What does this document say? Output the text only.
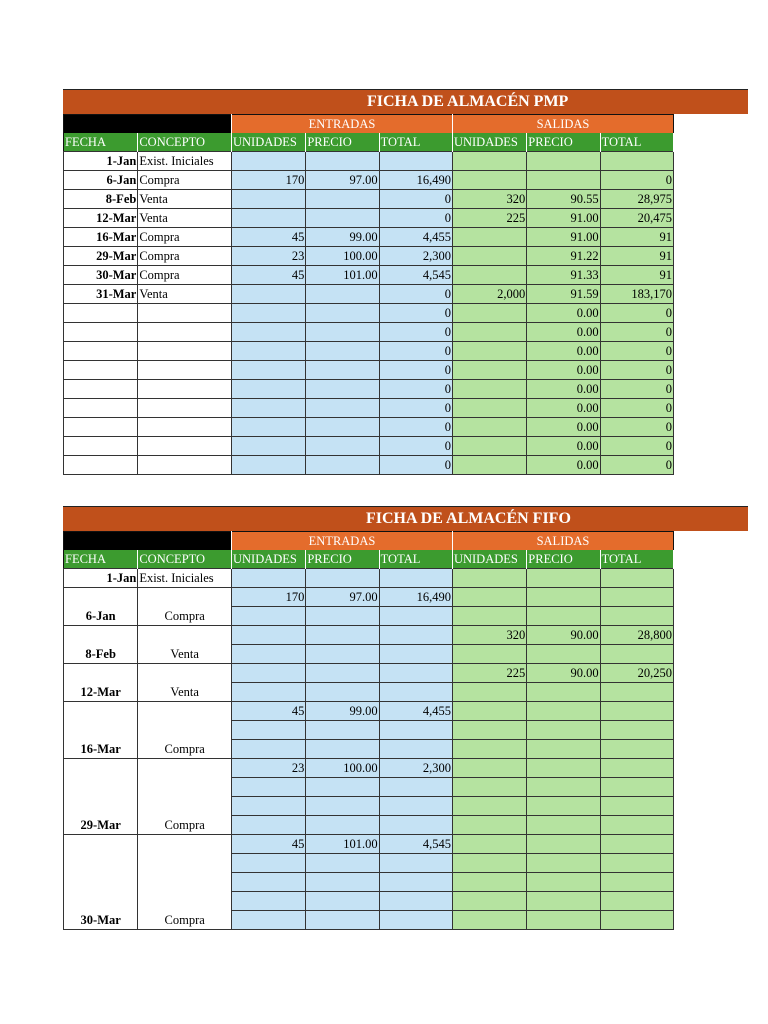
FICHA DE ALMACÉN PMP
		ENTRADAS			SALIDAS		
FECHA	CONCEPTO	UNIDADES	PRECIO	TOTAL	UNIDADES	PRECIO	TOTAL
1-Jan	Exist. Iniciales						
6-Jan	Compra	170	97.00	16,490			0
8-Feb	Venta			0	320	90.55	28,975
12-Mar	Venta			0	225	91.00	20,475
16-Mar	Compra	45	99.00	4,455		91.00	91
29-Mar	Compra	23	100.00	2,300		91.22	91
30-Mar	Compra	45	101.00	4,545		91.33	91
31-Mar	Venta			0	2,000	91.59	183,170
				0		0.00	0
				0		0.00	0
				0		0.00	0
				0		0.00	0
				0		0.00	0
				0		0.00	0
				0		0.00	0
				0		0.00	0
				0		0.00	0
FICHA DE ALMACÉN FIFO
		ENTRADAS			SALIDAS		
FECHA	CONCEPTO	UNIDADES	PRECIO	TOTAL	UNIDADES	PRECIO	TOTAL
1-Jan	Exist. Iniciales						
6-Jan	Compra	170	97.00	16,490			

8-Feb	Venta				320	90.00	28,800

12-Mar	Venta				225	90.00	20,250

16-Mar	Compra	45	99.00	4,455			

29-Mar	Compra	23	100.00	2,300			

30-Mar	Compra	45	101.00	4,545			
